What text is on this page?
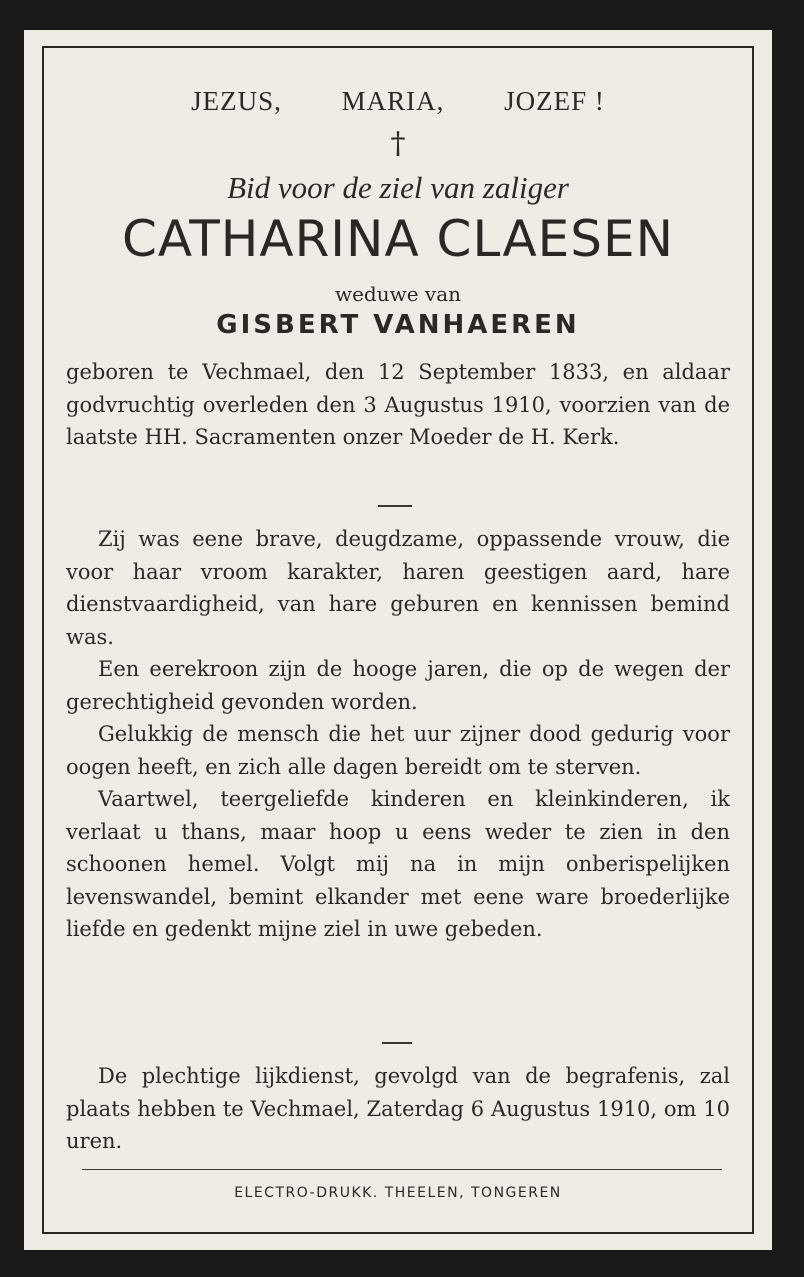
JEZUS, MARIA, JOZEF !
†
Bid voor de ziel van zaliger
CATHARINA CLAESEN
weduwe van
GISBERT VANHAEREN

geboren te Vechmael, den 12 September 1833, en aldaar godvruchtig overleden den 3 Augustus 1910, voorzien van de laatste HH. Sacramenten onzer Moeder de H. Kerk.

Zij was eene brave, deugdzame, oppassende vrouw, die voor haar vroom karakter, haren geestigen aard, hare dienstvaardigheid, van hare geburen en kennissen bemind was.

Een eerekroon zijn de hooge jaren, die op de wegen der gerechtigheid gevonden worden.

Gelukkig de mensch die het uur zijner dood gedurig voor oogen heeft, en zich alle dagen bereidt om te sterven.

Vaartwel, teergeliefde kinderen en kleinkinderen, ik verlaat u thans, maar hoop u eens weder te zien in den schoonen hemel. Volgt mij na in mijn onberispelijken levenswandel, bemint elkander met eene ware broederlijke liefde en gedenkt mijne ziel in uwe gebeden.

De plechtige lijkdienst, gevolgd van de begrafenis, zal plaats hebben te Vechmael, Zaterdag 6 Augustus 1910, om 10 uren.

ELECTRO-DRUKK. THEELEN, TONGEREN
